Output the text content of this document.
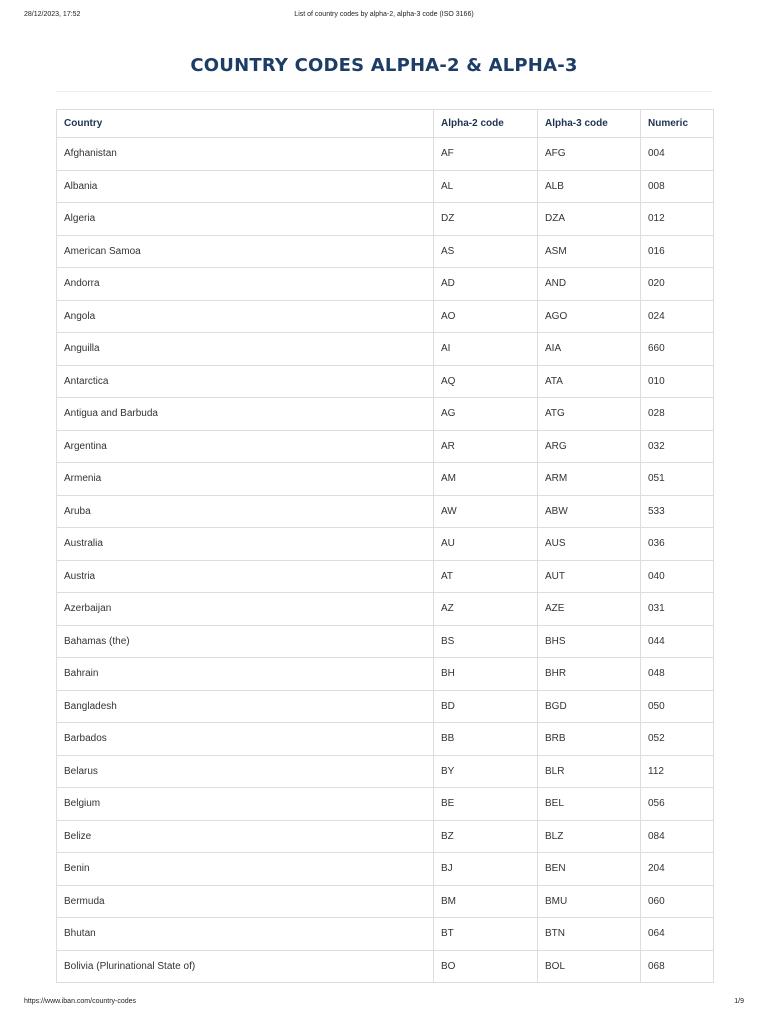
28/12/2023, 17:52	List of country codes by alpha-2, alpha-3 code (ISO 3166)
COUNTRY CODES ALPHA-2 & ALPHA-3
Country	Alpha-2 code	Alpha-3 code	Numeric
Afghanistan	AF	AFG	004
Albania	AL	ALB	008
Algeria	DZ	DZA	012
American Samoa	AS	ASM	016
Andorra	AD	AND	020
Angola	AO	AGO	024
Anguilla	AI	AIA	660
Antarctica	AQ	ATA	010
Antigua and Barbuda	AG	ATG	028
Argentina	AR	ARG	032
Armenia	AM	ARM	051
Aruba	AW	ABW	533
Australia	AU	AUS	036
Austria	AT	AUT	040
Azerbaijan	AZ	AZE	031
Bahamas (the)	BS	BHS	044
Bahrain	BH	BHR	048
Bangladesh	BD	BGD	050
Barbados	BB	BRB	052
Belarus	BY	BLR	112
Belgium	BE	BEL	056
Belize	BZ	BLZ	084
Benin	BJ	BEN	204
Bermuda	BM	BMU	060
Bhutan	BT	BTN	064
Bolivia (Plurinational State of)	BO	BOL	068
https://www.iban.com/country-codes	1/9
